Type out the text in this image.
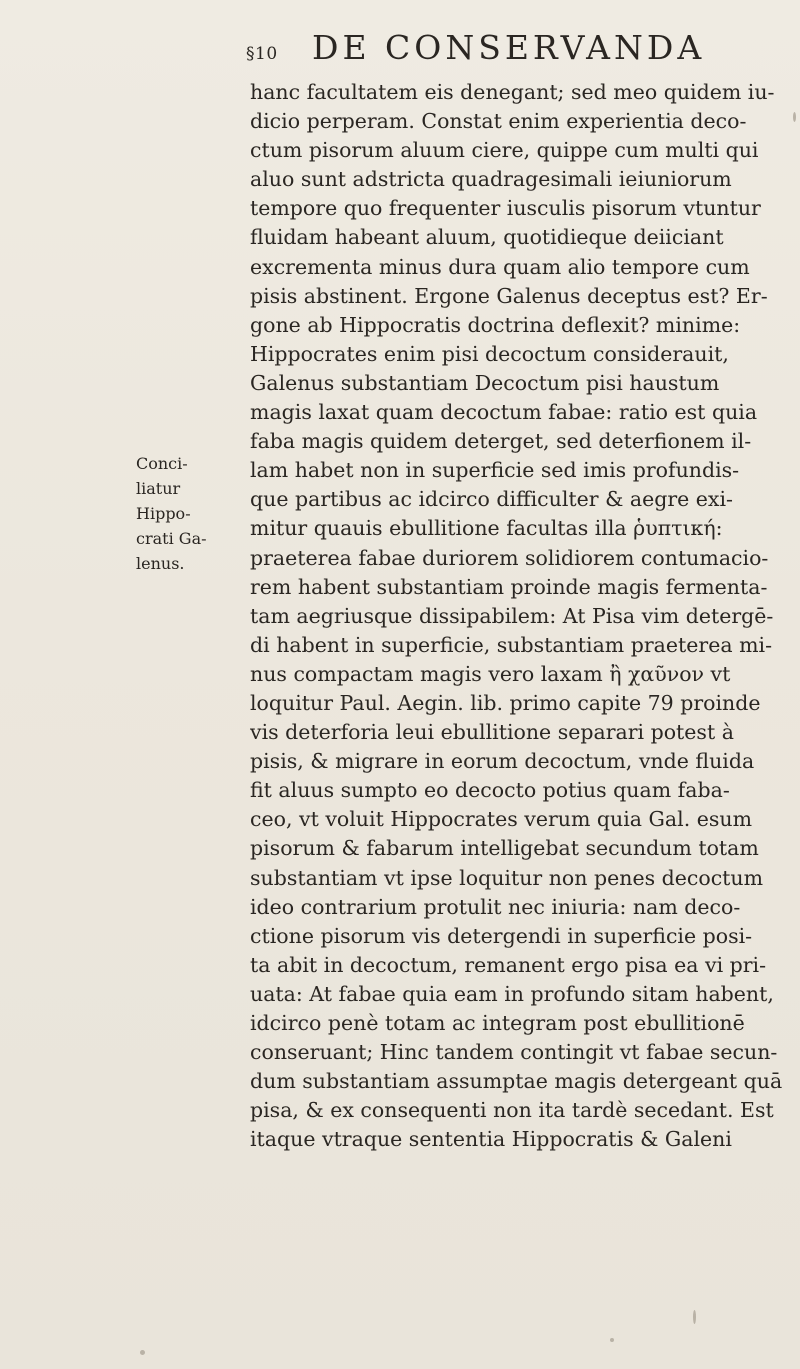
§10 DE CONSERVANDA
Conci-
liatur
Hippo-
crati Ga-
lenus.
hanc facultatem eis denegant; sed meo quidem iu-
dicio perperam. Constat enim experientia deco-
ctum pisorum aluum ciere, quippe cum multi qui
aluo sunt adstricta quadragesimali ieiuniorum
tempore quo frequenter iusculis pisorum vtuntur
fluidam habeant aluum, quotidieque deiiciant
excrementa minus dura quam alio tempore cum
pisis abstinent. Ergone Galenus deceptus est? Er-
gone ab Hippocratis doctrina deflexit? minime:
Hippocrates enim pisi decoctum considerauit,
Galenus substantiam Decoctum pisi haustum
magis laxat quam decoctum fabae: ratio est quia
faba magis quidem deterget, sed deterfionem il-
lam habet non in superficie sed imis profundis-
que partibus ac idcirco difficulter & aegre exi-
mitur quauis ebullitione facultas illa ῥυπτική:
praeterea fabae duriorem solidiorem contumacio-
rem habent substantiam proinde magis fermenta-
tam aegriusque dissipabilem: At Pisa vim detergē-
di habent in superficie, substantiam praeterea mi-
nus compactam magis vero laxam ἢ χαῦνον vt
loquitur Paul. Aegin. lib. primo capite 79 proinde
vis deterforia leui ebullitione separari potest à
pisis, & migrare in eorum decoctum, vnde fluida
fit aluus sumpto eo decocto potius quam faba-
ceo, vt voluit Hippocrates verum quia Gal. esum
pisorum & fabarum intelligebat secundum totam
substantiam vt ipse loquitur non penes decoctum
ideo contrarium protulit nec iniuria: nam deco-
ctione pisorum vis detergendi in superficie posi-
ta abit in decoctum, remanent ergo pisa ea vi pri-
uata: At fabae quia eam in profundo sitam habent,
idcirco penè totam ac integram post ebullitionē
conseruant; Hinc tandem contingit vt fabae secun-
dum substantiam assumptae magis detergeant quā
pisa, & ex consequenti non ita tardè secedant. Est
itaque vtraque sententia Hippocratis & Galeni
